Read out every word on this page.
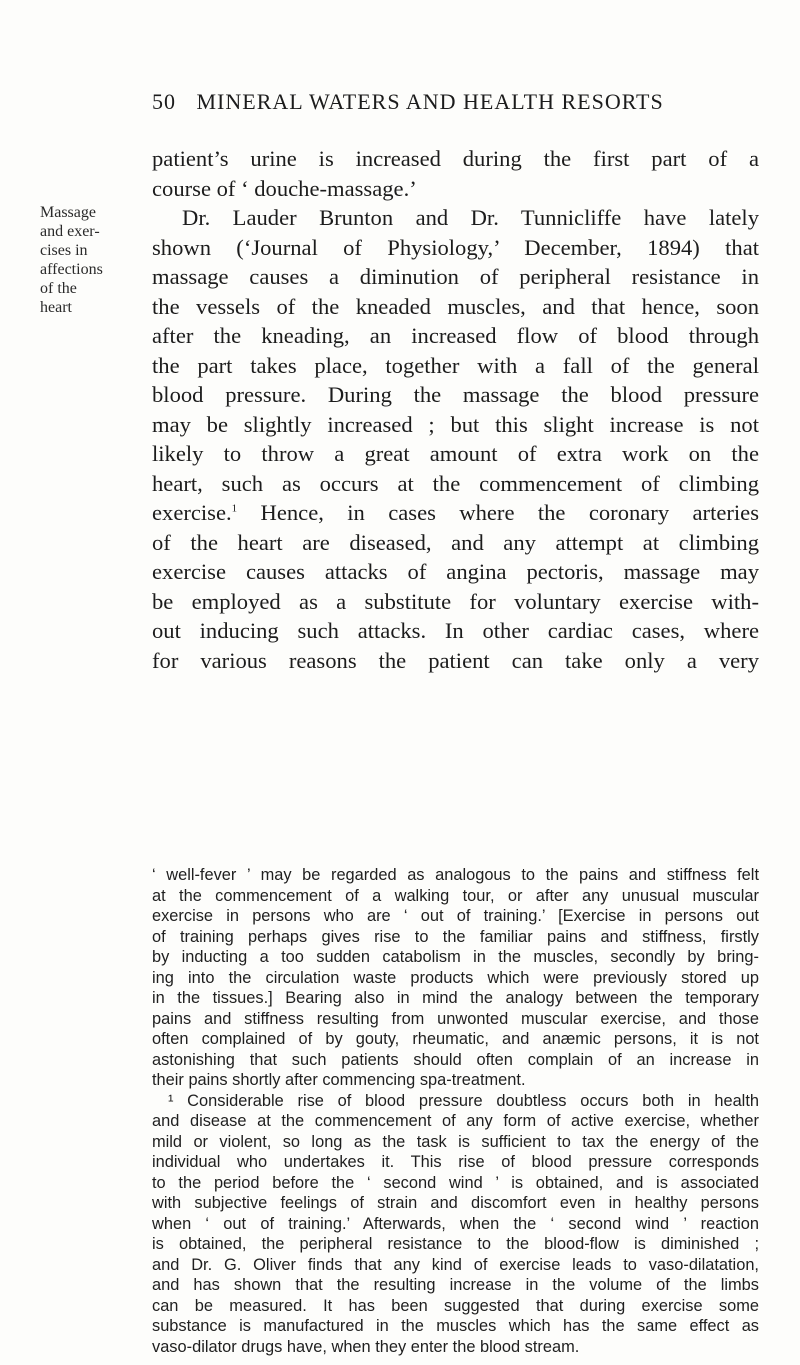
50 MINERAL WATERS AND HEALTH RESORTS
Massage
and exer-
cises in
affections
of the
heart
patient’s urine is increased during the first part of a
course of ‘ douche-massage.’
Dr. Lauder Brunton and Dr. Tunnicliffe have lately
shown (‘Journal of Physiology,’ December, 1894) that
massage causes a diminution of peripheral resistance in
the vessels of the kneaded muscles, and that hence, soon
after the kneading, an increased flow of blood through
the part takes place, together with a fall of the general
blood pressure. During the massage the blood pressure
may be slightly increased ; but this slight increase is not
likely to throw a great amount of extra work on the
heart, such as occurs at the commencement of climbing
exercise.$^1$ Hence, in cases where the coronary arteries
of the heart are diseased, and any attempt at climbing
exercise causes attacks of angina pectoris, massage may
be employed as a substitute for voluntary exercise with-
out inducing such attacks. In other cardiac cases, where
for various reasons the patient can take only a very
‘ well-fever ’ may be regarded as analogous to the pains and stiffness felt
at the commencement of a walking tour, or after any unusual muscular
exercise in persons who are ‘ out of training.’ [Exercise in persons out
of training perhaps gives rise to the familiar pains and stiffness, firstly
by inducting a too sudden catabolism in the muscles, secondly by bring-
ing into the circulation waste products which were previously stored up
in the tissues.] Bearing also in mind the analogy between the temporary
pains and stiffness resulting from unwonted muscular exercise, and those
often complained of by gouty, rheumatic, and anæmic persons, it is not
astonishing that such patients should often complain of an increase in
their pains shortly after commencing spa-treatment.
¹ Considerable rise of blood pressure doubtless occurs both in health
and disease at the commencement of any form of active exercise, whether
mild or violent, so long as the task is sufficient to tax the energy of the
individual who undertakes it. This rise of blood pressure corresponds
to the period before the ‘ second wind ’ is obtained, and is associated
with subjective feelings of strain and discomfort even in healthy persons
when ‘ out of training.’ Afterwards, when the ‘ second wind ’ reaction
is obtained, the peripheral resistance to the blood-flow is diminished ;
and Dr. G. Oliver finds that any kind of exercise leads to vaso-dilatation,
and has shown that the resulting increase in the volume of the limbs
can be measured. It has been suggested that during exercise some
substance is manufactured in the muscles which has the same effect as
vaso-dilator drugs have, when they enter the blood stream.
